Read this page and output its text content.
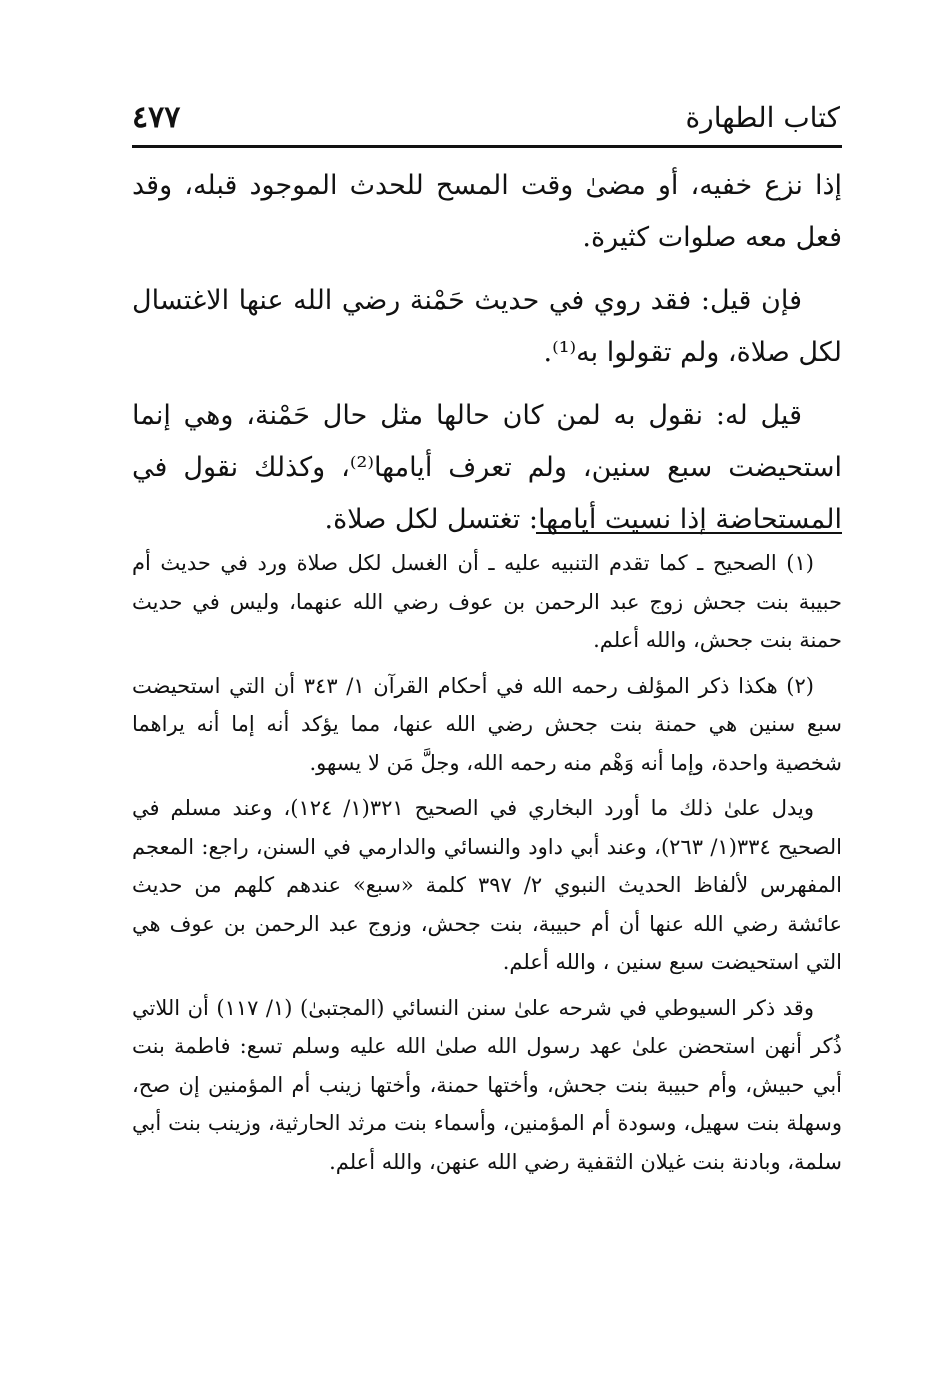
كتاب الطهارة
٤٧٧

إذا نزع خفيه، أو مضىٰ وقت المسح للحدث الموجود قبله، وقد فعل معه صلوات كثيرة.

فإن قيل: فقد روي في حديث حَمْنة رضي الله عنها الاغتسال لكل صلاة، ولم تقولوا به⁽¹⁾.

قيل له: نقول به لمن كان حالها مثل حال حَمْنة، وهي إنما استحيضت سبع سنين، ولم تعرف أيامها⁽²⁾، وكذلك نقول في المستحاضة إذا نسيت أيامها: تغتسل لكل صلاة.

(١) الصحيح ـ كما تقدم التنبيه عليه ـ أن الغسل لكل صلاة ورد في حديث أم حبيبة بنت جحش زوج عبد الرحمن بن عوف رضي الله عنهما، وليس في حديث حمنة بنت جحش، والله أعلم.

(٢) هكذا ذكر المؤلف رحمه الله في أحكام القرآن ١/ ٣٤٣ أن التي استحيضت سبع سنين هي حمنة بنت جحش رضي الله عنها، مما يؤكد أنه إما أنه يراهما شخصية واحدة، وإما أنه وَهْم منه رحمه الله، وجلَّ مَن لا يسهو.

ويدل علىٰ ذلك ما أورد البخاري في الصحيح ٣٢١(١/ ١٢٤)، وعند مسلم في الصحيح ٣٣٤(١/ ٢٦٣)، وعند أبي داود والنسائي والدارمي في السنن، راجع: المعجم المفهرس لألفاظ الحديث النبوي ٢/ ٣٩٧ كلمة «سبع» عندهم كلهم من حديث عائشة رضي الله عنها أن أم حبيبة، بنت جحش، وزوج عبد الرحمن بن عوف هي التي استحيضت سبع سنين ، والله أعلم.

وقد ذكر السيوطي في شرحه علىٰ سنن النسائي (المجتبىٰ) (١/ ١١٧) أن اللاتي ذُكر أنهن استحضن علىٰ عهد رسول الله صلىٰ الله عليه وسلم تسع: فاطمة بنت أبي حبيش، وأم حبيبة بنت جحش، وأختها حمنة، وأختها زينب أم المؤمنين إن صح، وسهلة بنت سهيل، وسودة أم المؤمنين، وأسماء بنت مرثد الحارثية، وزينب بنت أبي سلمة، وبادنة بنت غيلان الثقفية رضي الله عنهن، والله أعلم.
